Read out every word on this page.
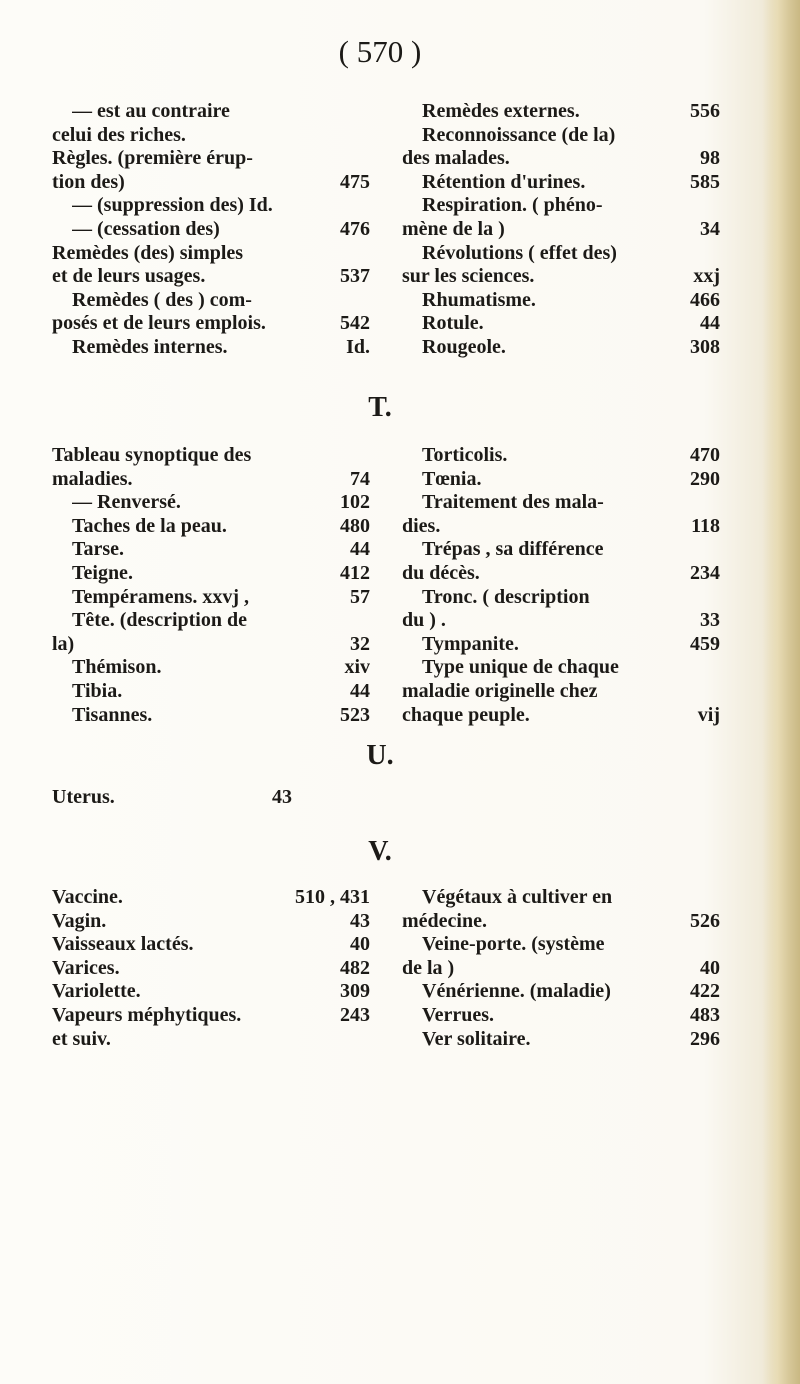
( 570 )
— est au contraire
celui des riches.
Règles. (première érup-
tion des)	475
— (suppression des) Id.
— (cessation des)	476
Remèdes (des) simples
et de leurs usages.	537
Remèdes ( des ) com-
posés et de leurs emplois.	542
Remèdes internes.	Id.
Remèdes externes.	556
Reconnoissance (de la)
des malades.	98
Rétention d'urines.	585
Respiration. ( phéno-
mène de la )	34
Révolutions ( effet des)
sur les sciences.	xxj
Rhumatisme.	466
Rotule.	44
Rougeole.	308
T.
Tableau synoptique des
maladies.	74
— Renversé.	102
Taches de la peau.	480
Tarse.	44
Teigne.	412
Tempéramens. xxvj ,	57
Tête. (description de
la)	32
Thémison.	xiv
Tibia.	44
Tisannes.	523
Torticolis.	470
Tœnia.	290
Traitement des mala-
dies.	118
Trépas , sa différence
du décès.	234
Tronc. ( description
du ) .	33
Tympanite.	459
Type unique de chaque
maladie originelle chez
chaque peuple.	vij
U.
Uterus.	43
V.
Vaccine.	510 , 431
Vagin.	43
Vaisseaux lactés.	40
Varices.	482
Variolette.	309
Vapeurs méphytiques.	243
et suiv.
Végétaux à cultiver en
médecine.	526
Veine-porte. (système
de la )	40
Vénérienne. (maladie)	422
Verrues.	483
Ver solitaire.	296
